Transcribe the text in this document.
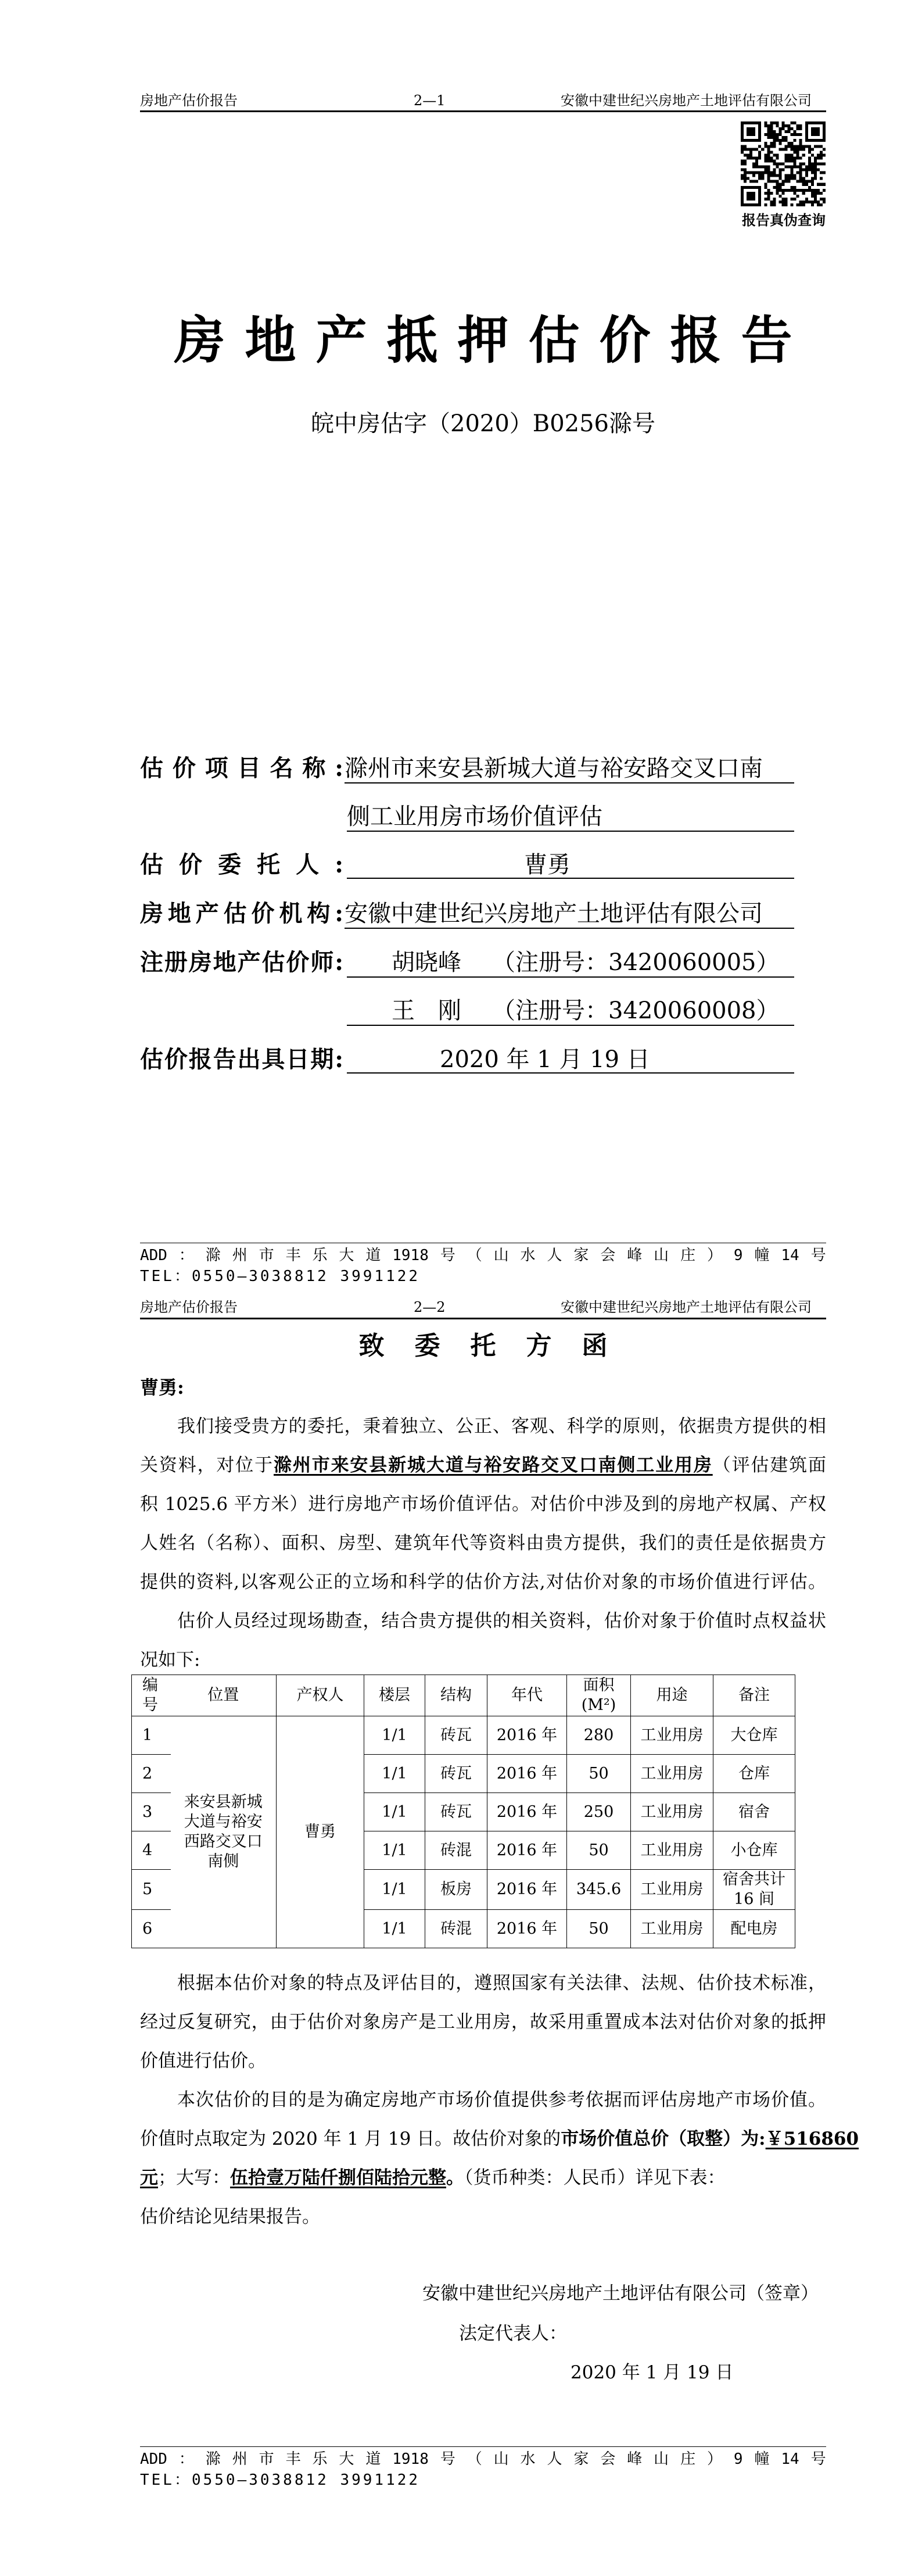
房地产估价报告	2—1	安徽中建世纪兴房地产土地评估有限公司
报告真伪查询
房地产抵押估价报告
皖中房估字（2020）B0256滁号
估价项目名称: 滁州市来安县新城大道与裕安路交叉口南
侧工业用房市场价值评估
估价委托人:	曹勇
房地产估价机构: 安徽中建世纪兴房地产土地评估有限公司
注册房地产估价师: 胡晓峰 （注册号：3420060005）
王　刚 （注册号：3420060008）
估价报告出具日期:	2020 年 1 月 19 日
ADD ： 滁 州 市 丰 乐 大 道 1918 号 （ 山 水 人 家 会 峰 山 庄 ） 9 幢 14 号
TEL：0550—3038812 3991122
房地产估价报告	2—2	安徽中建世纪兴房地产土地评估有限公司
致委托方函
曹勇:
我们接受贵方的委托，秉着独立、公正、客观、科学的原则，依据贵方提供的相
关资料，对位于滁州市来安县新城大道与裕安路交叉口南侧工业用房（评估建筑面
积 1025.6 平方米）进行房地产市场价值评估。对估价中涉及到的房地产权属、产权
人姓名（名称）、面积、房型、建筑年代等资料由贵方提供，我们的责任是依据贵方
提供的资料,以客观公正的立场和科学的估价方法,对估价对象的市场价值进行评估。
估价人员经过现场勘查，结合贵方提供的相关资料，估价对象于价值时点权益状
况如下:
编号	位置	产权人	楼层	结构	年代	面积(M²)	用途	备注
1	来安县新城大道与裕安西路交叉口南侧	曹勇	1/1	砖瓦	2016 年	280	工业用房	大仓库
2			1/1	砖瓦	2016 年	50	工业用房	仓库
3			1/1	砖瓦	2016 年	250	工业用房	宿舍
4			1/1	砖混	2016 年	50	工业用房	小仓库
5			1/1	板房	2016 年	345.6	工业用房	宿舍共计 16 间
6			1/1	砖混	2016 年	50	工业用房	配电房
根据本估价对象的特点及评估目的，遵照国家有关法律、法规、估价技术标准，
经过反复研究，由于估价对象房产是工业用房，故采用重置成本法对估价对象的抵押
价值进行估价。
本次估价的目的是为确定房地产市场价值提供参考依据而评估房地产市场价值。
价值时点取定为 2020 年 1 月 19 日。故估价对象的市场价值总价（取整）为:￥516860
元；大写：伍拾壹万陆仟捌佰陆拾元整。（货币种类：人民币）详见下表：
估价结论见结果报告。
安徽中建世纪兴房地产土地评估有限公司（签章）
法定代表人：
2020 年 1 月 19 日
ADD ： 滁 州 市 丰 乐 大 道 1918 号 （ 山 水 人 家 会 峰 山 庄 ） 9 幢 14 号
TEL：0550—3038812 3991122
